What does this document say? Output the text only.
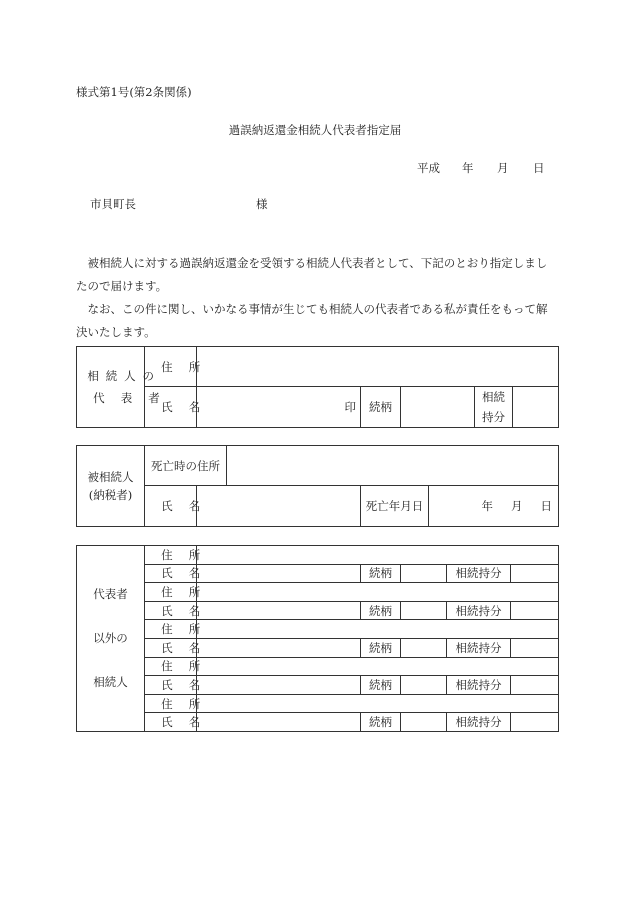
様式第1号(第2条関係)
過誤納返還金相続人代表者指定届
平成 年 月 日
市貝町長	様

被相続人に対する過誤納返還金を受領する相続人代表者として、下記のとおり指定しましたので届けます。

なお、この件に関し、いかなる事情が生じても相続人の代表者である私が責任をもって解決いたします。

相続人の
代表者	住所					
	氏名	印	続柄		相続
持分	

被相続人
(納税者)	死亡時の住所				
	氏名			死亡年月日	年 月 日
代表者
以外の
相続人	住所					
	氏名		続柄		相続持分	
	住所					
	氏名		続柄		相続持分	
	住所					
	氏名		続柄		相続持分	
	住所					
	氏名		続柄		相続持分	
	住所					
	氏名		続柄		相続持分	
